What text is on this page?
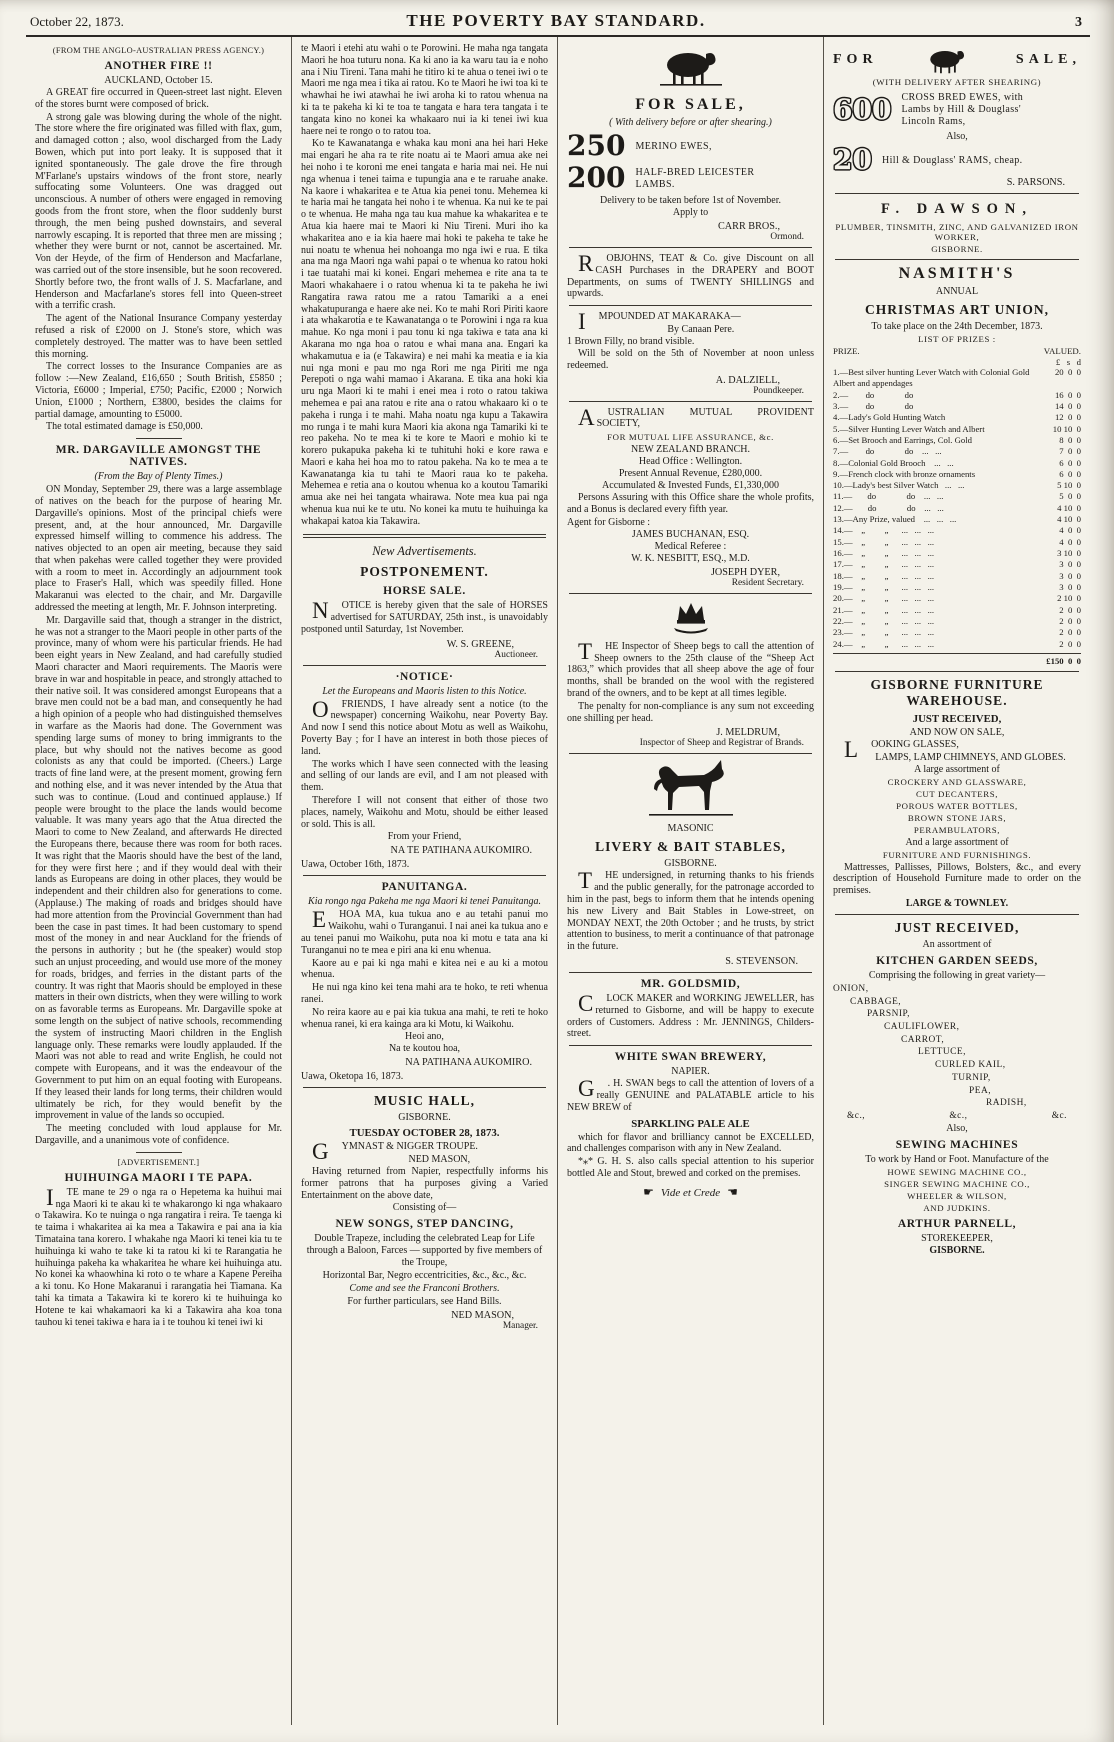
October 22, 1873.	THE POVERTY BAY STANDARD.	3
(FROM THE ANGLO-AUSTRALIAN PRESS AGENCY.)
ANOTHER FIRE !!
AUCKLAND, October 15.

A GREAT fire occurred in Queen-street last night. Eleven of the stores burnt were composed of brick.

A strong gale was blowing during the whole of the night. The store where the fire originated was filled with flax, gum, and damaged cotton ; also, wool discharged from the Lady Bowen, which put into port leaky. It is supposed that it ignited spontaneously. The gale drove the fire through M'Farlane's upstairs windows of the front store, nearly suffocating some Volunteers. One was dragged out unconscious. A number of others were engaged in removing goods from the front store, when the floor suddenly burst through, the men being pushed downstairs, and several narrowly escaping. It is reported that three men are missing ; whether they were burnt or not, cannot be ascertained. Mr. Von der Heyde, of the firm of Henderson and Macfarlane, was carried out of the store insensible, but he soon recovered. Shortly before two, the front walls of J. S. Macfarlane, and Henderson and Macfarlane's stores fell into Queen-street with a terrific crash.

The agent of the National Insurance Company yesterday refused a risk of £2000 on J. Stone's store, which was completely destroyed. The matter was to have been settled this morning.

The correct losses to the Insurance Companies are as follow :—New Zealand, £16,650 ; South British, £5850 ; Victoria, £6000 ; Imperial, £750; Pacific, £2000 ; Norwich Union, £1000 ; Northern, £3800, besides the claims for partial damage, amounting to £5000.

The total estimated damage is £50,000.

MR. DARGAVILLE AMONGST THE NATIVES.
(From the Bay of Plenty Times.)

ON Monday, September 29, there was a large assemblage of natives on the beach for the purpose of hearing Mr. Dargaville's opinions. Most of the principal chiefs were present, and, at the hour announced, Mr. Dargaville expressed himself willing to commence his address. The natives objected to an open air meeting, because they said that when pakehas were called together they were provided with a room to meet in. Accordingly an adjournment took place to Fraser's Hall, which was speedily filled. Hone Makaranui was elected to the chair, and Mr. Dargaville addressed the meeting at length, Mr. F. Johnson interpreting.

Mr. Dargaville said that, though a stranger in the district, he was not a stranger to the Maori people in other parts of the province, many of whom were his particular friends. He had been eight years in New Zealand, and had carefully studied Maori character and Maori requirements. The Maoris were brave in war and hospitable in peace, and strongly attached to their native soil. It was considered amongst Europeans that a brave men could not be a bad man, and consequently he had a high opinion of a people who had distinguished themselves in warfare as the Maoris had done. The Government was spending large sums of money to bring immigrants to the place, but why should not the natives become as good colonists as any that could be imported. (Cheers.) Large tracts of fine land were, at the present moment, growing fern and nothing else, and it was never intended by the Atua that such was to continue. (Loud and continued applause.) If people were brought to the place the lands would become valuable. It was many years ago that the Atua directed the Maori to come to New Zealand, and afterwards He directed the Europeans there, because there was room for both races. It was right that the Maoris should have the best of the land, for they were first here ; and if they would deal with their lands as Europeans are doing in other places, they would be independent and their children also for generations to come. (Applause.) The making of roads and bridges should have had more attention from the Provincial Government than had been the case in past times. It had been customary to spend most of the money in and near Auckland for the friends of the persons in authority ; but he (the speaker) would stop such an unjust proceeding, and would use more of the money for roads, bridges, and ferries in the distant parts of the country. It was right that Maoris should be employed in these matters in their own districts, when they were willing to work on as favorable terms as Europeans. Mr. Dargaville spoke at some length on the subject of native schools, recommending the system of instructing Maori children in the English language only. These remarks were loudly applauded. If the Maori was not able to read and write English, he could not compete with Europeans, and it was the endeavour of the Government to put him on an equal footing with Europeans. If they leased their lands for long terms, their children would ultimately be rich, for they would benefit by the improvement in value of the lands so occupied.

The meeting concluded with loud applause for Mr. Dargaville, and a unanimous vote of confidence.

[ADVERTISEMENT.]
HUIHUINGA MAORI I TE PAPA.

I TE mane te 29 o nga ra o Hepetema ka huihui mai nga Maori ki te akau ki te whakarongo ki nga whakaaro o Takawira. Ko te nuinga o nga rangatira i reira. Te taenga ki te taima i whakaritea ai ka mea a Takawira e pai ana ia kia Timataina tana korero. I whakahe nga Maori ki tenei kia tu te huihuinga ki waho te take ki ta ratou ki ki te Rarangatia he huihuinga pakeha ka whakaritea he whare kei huihuinga atu. No konei ka whaowhina ki roto o te whare a Kapene Pereiha a ki tonu. Ko Hone Makaranui i rarangatia hei Tiamana. Ka tahi ka timata a Takawira ki te korero ki te huihuinga ko Hotene te kai whakamaori ka ki a Takawira aha koa tona tauhou ki tenei takiwa e hara ia i te touhou ki tenei iwi ki

te Maori i etehi atu wahi o te Porowini. He maha nga tangata Maori he hoa tuturu nona. Ka ki ano ia ka waru tau ia e noho ana i Niu Tireni. Tana mahi he titiro ki te ahua o tenei iwi o te Maori me nga mea i tika ai ratou. Ko te Maori he iwi toa ki te whawhai he iwi atawhai he iwi aroha ki to ratou whenua na ki ta te pakeha ki ki te toa te tangata e hara tera tangata i te tangata kino no konei ka whakaaro nui ia ki tenei iwi kua haere nei te rongo o to ratou toa.

Ko te Kawanatanga e whaka kau moni ana hei hari Heke mai engari he aha ra te rite noatu ai te Maori amua ake nei hei noho i te koroni me enei tangata e haria mai nei. He nui nga whenua i tenei taima e tupungia ana e te raruahe anake. Na kaore i whakaritea e te Atua kia penei tonu. Mehemea ki te haria mai he tangata hei noho i te whenua. Ka nui ke te pai o te whenua. He maha nga tau kua mahue ka whakaritea e te Atua kia haere mai te Maori ki Niu Tireni. Muri iho ka whakaritea ano e ia kia haere mai hoki te pakeha te take he nui noatu te whenua hei nohoanga mo nga iwi e rua. E tika ana ma nga Maori nga wahi papai o te whenua ko ratou hoki i tae tuatahi mai ki konei. Engari mehemea e rite ana ta te Maori whakahaere i o ratou whenua ki ta te pakeha he iwi Rangatira rawa ratou me a ratou Tamariki a a enei whakatupuranga e haere ake nei. Ko te mahi Rori Piriti kaore i ata whakarotia e te Kawanatanga o te Porowini i nga ra kua mahue. Ko nga moni i pau tonu ki nga takiwa e tata ana ki Akarana mo nga hoa o ratou e whai mana ana. Engari ka whakamutua e ia (e Takawira) e nei mahi ka meatia e ia kia nui nga moni e pau mo nga Rori me nga Piriti me nga Perepoti o nga wahi mamao i Akarana. E tika ana hoki kia uru nga Maori ki te mahi i enei mea i roto o ratou takiwa mehemea e pai ana ratou e rite ana o ratou whakaaro ki o te pakeha i runga i te mahi. Maha noatu nga kupu a Takawira mo runga i te mahi kura Maori kia akona nga Tamariki ki te reo pakeha. No te mea ki te kore te Maori e mohio ki te korero pukapuka pakeha ki te tuhituhi hoki e kore rawa e Maori e kaha hei hoa mo to ratou pakeha. Na ko te mea a te Kawanatanga kia tu tahi te Maori raua ko te pakeha. Mehemea e retia ana o koutou whenua ko a koutou Tamariki amua ake nei hei tangata whairawa. Note mea kua pai nga whenua kua nui ke te utu. No konei ka mutu te huihuinga ka whakapai katoa kia Takawira.

New Advertisements.
POSTPONEMENT.
HORSE SALE.

N OTICE is hereby given that the sale of HORSES advertised for SATURDAY, 25th inst., is unavoidably postponed until Saturday, 1st November.

W. S. GREENE,
Auctioneer.
·NOTICE·
Let the Europeans and Maoris listen to this Notice.

O FRIENDS, I have already sent a notice (to the newspaper) concerning Waikohu, near Poverty Bay. And now I send this notice about Motu as well as Waikohu, Poverty Bay ; for I have an interest in both those pieces of land.

The works which I have seen connected with the leasing and selling of our lands are evil, and I am not pleased with them.

Therefore I will not consent that either of those two places, namely, Waikohu and Motu, should be either leased or sold. This is all.

From your Friend,
NA TE PATIHANA AUKOMIRO.
Uawa, October 16th, 1873.
PANUITANGA.
Kia rongo nga Pakeha me nga Maori ki tenei Panuitanga.

E HOA MA, kua tukua ano e au tetahi panui mo Waikohu, wahi o Turanganui. I nai anei ka tukua ano e au tenei panui mo Waikohu, puta noa ki motu e tata ana ki Turanganui no te mea e piri ana ki enu whenua.

Kaore au e pai ki nga mahi e kitea nei e au ki a motou whenua.

He nui nga kino kei tena mahi ara te hoko, te reti whenua ranei.

No reira kaore au e pai kia tukua ana mahi, te reti te hoko whenua ranei, ki era kainga ara ki Motu, ki Waikohu.

Heoi ano,
Na te koutou hoa,
NA PATIHANA AUKOMIRO.
Uawa, Oketopa 16, 1873.
MUSIC HALL,
GISBORNE.
TUESDAY OCTOBER 28, 1873.

G YMNAST & NIGGER TROUPE.

NED MASON,

Having returned from Napier, respectfully informs his former patrons that ha purposes giving a Varied Entertainment on the above date,

Consisting of—
NEW SONGS, STEP DANCING,

Double Trapeze, including the celebrated Leap for Life through a Baloon, Farces — supported by five members of the Troupe,

Horizontal Bar, Negro eccentricities, &c., &c., &c.
Come and see the Franconi Brothers.
For further particulars, see Hand Bills.
NED MASON,
Manager.
FOR SALE,
( With delivery before or after shearing.)
250 MERINO EWES,
200 HALF-BRED LEICESTER
LAMBS.
Delivery to be taken before 1st of November.
Apply to
CARR BROS.,
Ormond.

R OBJOHNS, TEAT & Co. give Discount on all CASH Purchases in the DRAPERY and BOOT Departments, on sums of TWENTY SHILLINGS and upwards.

I MPOUNDED AT MAKARAKA—

By Canaan Pere.
1 Brown Filly, no brand visible.

Will be sold on the 5th of November at noon unless redeemed.

A. DALZIELL,
Poundkeeper.

A USTRALIAN MUTUAL PROVIDENT SOCIETY,

FOR MUTUAL LIFE ASSURANCE, &c.
NEW ZEALAND BRANCH.
Head Office : Wellington.
Present Annual Revenue, £280,000.
Accumulated & Invested Funds, £1,330,000

Persons Assuring with this Office share the whole profits, and a Bonus is declared every fifth year.

Agent for Gisborne :
JAMES BUCHANAN, ESQ.
Medical Referee :
W. K. NESBITT, ESQ., M.D.
JOSEPH DYER,
Resident Secretary.

T HE Inspector of Sheep begs to call the attention of Sheep owners to the 25th clause of the “Sheep Act 1863,” which provides that all sheep above the age of four months, shall be branded on the wool with the registered brand of the owners, and to be kept at all times legible.

The penalty for non-compliance is any sum not exceeding one shilling per head.

J. MELDRUM,
Inspector of Sheep and Registrar of Brands.
MASONIC
LIVERY & BAIT STABLES,
GISBORNE.

T HE undersigned, in returning thanks to his friends and the public generally, for the patronage accorded to him in the past, begs to inform them that he intends opening his new Livery and Bait Stables in Lowe-street, on MONDAY NEXT, the 20th October ; and he trusts, by strict attention to business, to merit a continuance of that patronage in the future.

S. STEVENSON.
MR. GOLDSMID,

C LOCK MAKER and WORKING JEWELLER, has returned to Gisborne, and will be happy to execute orders of Customers. Address : Mr. JENNINGS, Childers-street.

WHITE SWAN BREWERY,
NAPIER.

G . H. SWAN begs to call the attention of lovers of a really GENUINE and PALATABLE article to his NEW BREW of

SPARKLING PALE ALE

which for flavor and brilliancy cannot be EXCELLED, and challenges comparison with any in New Zealand.

*⁎* G. H. S. also calls special attention to his superior bottled Ale and Stout, brewed and corked on the premises.

☛ Vide et Crede ☚
FOR	SALE,
(WITH DELIVERY AFTER SHEARING)
600 CROSS BRED EWES, with
Lambs by Hill & Douglass'
Lincoln Rams,
Also,
20 Hill & Douglass' RAMS, cheap.
S. PARSONS.
F. DAWSON,
PLUMBER, TINSMITH, ZINC, AND GALVANIZED IRON WORKER,
GISBORNE.
NASMITH'S
ANNUAL
CHRISTMAS ART UNION,
To take place on the 24th December, 1873.
LIST OF PRIZES :
PRIZE.	VALUED.
£   s   d
1.—Best silver hunting Lever Watch with Colonial Gold Albert and appendages
20  0  0
2.—        do              do	16  0  0
3.—        do              do	14  0  0
4.—Lady's Gold Hunting Watch	12  0  0
5.—Silver Hunting Lever Watch and Albert	10 10  0
6.—Set Brooch and Earrings, Col. Gold	8  0  0
7.—        do              do    ...   ...	7  0  0
8.—Colonial Gold Brooch    ...   ...	6  0  0
9.—French clock with bronze ornaments	6  0  0
10.—Lady's best Silver Watch   ...   ...	5 10  0
11.—       do              do    ...   ...	5  0  0
12.—       do              do    ...   ...	4 10  0
13.—Any Prize, valued    ...   ...   ...	4 10  0
14.—    „         „      ...   ...   ...	4  0  0
15.—    „         „      ...   ...   ...	4  0  0
16.—    „         „      ...   ...   ...	3 10  0
17.—    „         „      ...   ...   ...	3  0  0
18.—    „         „      ...   ...   ...	3  0  0
19.—    „         „      ...   ...   ...	3  0  0
20.—    „         „      ...   ...   ...	2 10  0
21.—    „         „      ...   ...   ...	2  0  0
22.—    „         „      ...   ...   ...	2  0  0
23.—    „         „      ...   ...   ...	2  0  0
24.—    „         „      ...   ...   ...	2  0  0
£150  0  0
GISBORNE FURNITURE WAREHOUSE.
JUST RECEIVED,
AND NOW ON SALE,

L OOKING GLASSES,

LAMPS, LAMP CHIMNEYS, AND GLOBES.
A large assortment of
CROCKERY AND GLASSWARE,
CUT DECANTERS,
POROUS WATER BOTTLES,
BROWN STONE JARS,
PERAMBULATORS,
And a large assortment of
FURNITURE AND FURNISHINGS.

Mattresses, Pallisses, Pillows, Bolsters, &c., and every description of Household Furniture made to order on the premises.

LARGE & TOWNLEY.
JUST RECEIVED,
An assortment of
KITCHEN GARDEN SEEDS,
Comprising the following in great variety—
ONION,
CABBAGE,
PARSNIP,
CAULIFLOWER,
CARROT,
LETTUCE,
CURLED KAIL,
TURNIP,
PEA,
RADISH,
&c.,	&c.,	&c.
Also,
SEWING MACHINES
To work by Hand or Foot. Manufacture of the
HOWE SEWING MACHINE CO.,
SINGER SEWING MACHINE CO.,
WHEELER & WILSON,
AND JUDKINS.
ARTHUR PARNELL,
STOREKEEPER,
GISBORNE.
